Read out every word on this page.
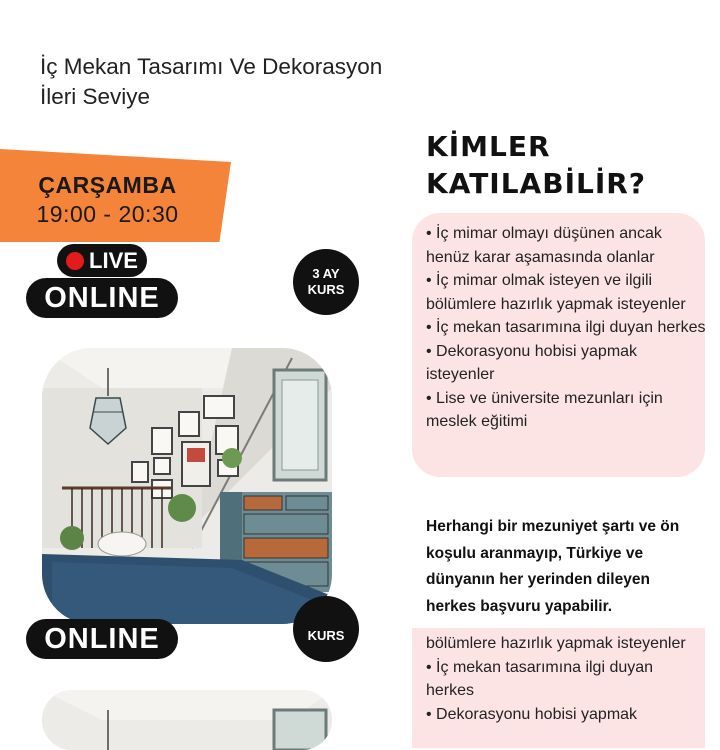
İç Mekan Tasarımı Ve Dekorasyon
İleri Seviye
ÇARŞAMBA
19:00 - 20:30
LIVE
ONLINE
3 AY
KURS
KİMLER
KATILABİLİR?
• İç mimar olmayı düşünen ancak henüz karar aşamasında olanlar
• İç mimar olmak isteyen ve ilgili bölümlere hazırlık yapmak isteyenler
• İç mekan tasarımına ilgi duyan herkes
• Dekorasyonu hobisi yapmak isteyenler
• Lise ve üniversite mezunları için meslek eğitimi
Herhangi bir mezuniyet şartı ve ön koşulu aranmayıp, Türkiye ve dünyanın her yerinden dileyen herkes başvuru yapabilir.
ONLINE	KURS	bölümlere hazırlık yapmak isteyenler
• İç mekan tasarımına ilgi duyan
herkes
• Dekorasyonu hobisi yapmak
